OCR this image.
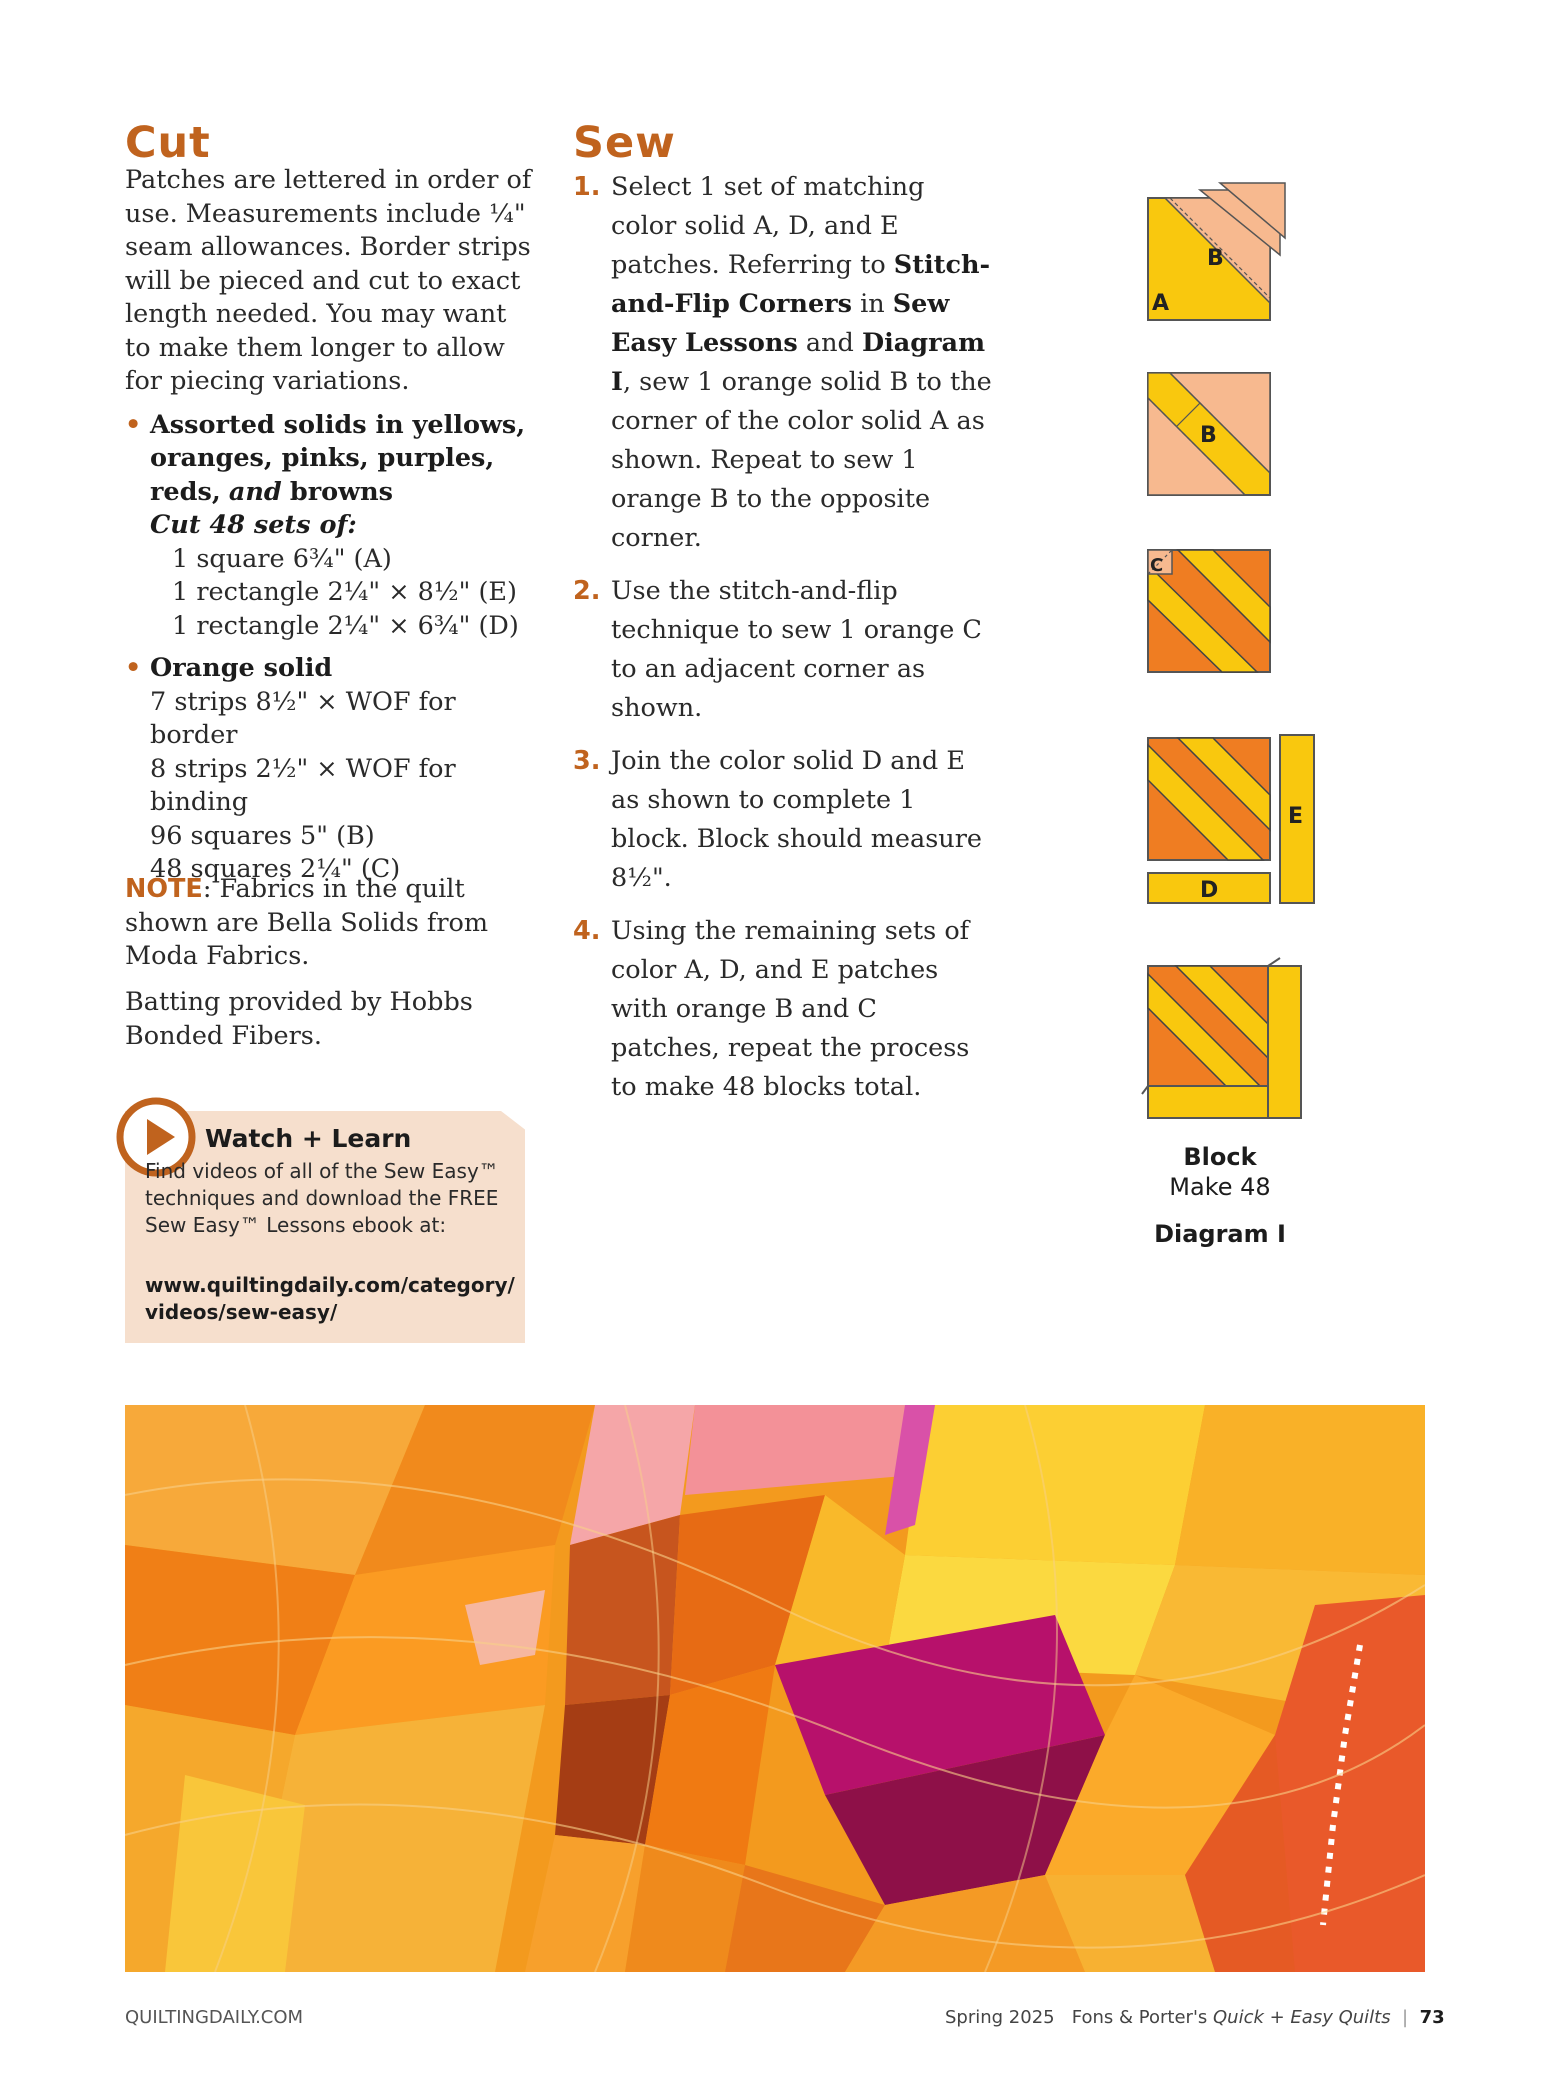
Cut

Patches are lettered in order of use. Measurements include ¼" seam allowances. Border strips will be pieced and cut to exact length needed. You may want to make them longer to allow for piecing variations.

• Assorted solids in yellows, oranges, pinks, purples, reds, and browns
Cut 48 sets of:

1 square 6¾" (A)
1 rectangle 2¼" × 8½" (E)
1 rectangle 2¼" × 6¾" (D)
• Orange solid

7 strips 8½" × WOF for border
8 strips 2½" × WOF for binding
96 squares 5" (B)
48 squares 2¼" (C)

NOTE: Fabrics in the quilt shown are Bella Solids from Moda Fabrics.

Batting provided by Hobbs Bonded Fibers.

Watch + Learn
Find videos of all of the Sew Easy™ techniques and download the FREE Sew Easy™ Lessons ebook at:
www.quiltingdaily.com/category/
videos/sew-easy/
Sew
1. Select 1 set of matching color solid A, D, and E patches. Referring to Stitch-and-Flip Corners in Sew Easy Lessons and Diagram I, sew 1 orange solid B to the corner of the color solid A as shown. Repeat to sew 1 orange B to the opposite corner.
2. Use the stitch-and-flip technique to sew 1 orange C to an adjacent corner as shown.
3. Join the color solid D and E as shown to complete 1 block. Block should measure 8½".
4. Using the remaining sets of color A, D, and E patches with orange B and C patches, repeat the process to make 48 blocks total.
B
A
B
C
D
E
Block
Make 48
Diagram I
QUILTINGDAILY.COM	Spring 2025 Fons & Porter's Quick + Easy Quilts | 73
